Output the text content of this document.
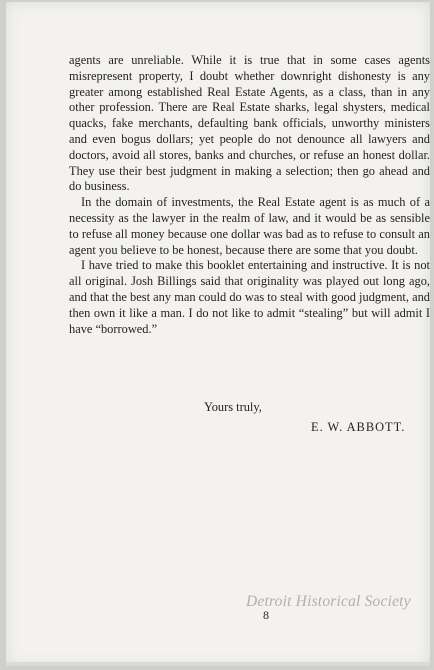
agents are unreliable. While it is true that in some cases agents misrepresent property, I doubt whether downright dishonesty is any greater among established Real Estate Agents, as a class, than in any other profession. There are Real Estate sharks, legal shysters, medical quacks, fake merchants, defaulting bank officials, unworthy ministers and even bogus dollars; yet people do not denounce all lawyers and doctors, avoid all stores, banks and churches, or refuse an honest dollar. They use their best judgment in making a selection; then go ahead and do business.

In the domain of investments, the Real Estate agent is as much of a necessity as the lawyer in the realm of law, and it would be as sensible to refuse all money because one dollar was bad as to refuse to consult an agent you believe to be honest, because there are some that you doubt.

I have tried to make this booklet entertaining and instructive. It is not all original. Josh Billings said that originality was played out long ago, and that the best any man could do was to steal with good judgment, and then own it like a man. I do not like to admit “stealing” but will admit I have “borrowed.”

Yours truly,
E. W. ABBOTT.
Detroit Historical Society
8
